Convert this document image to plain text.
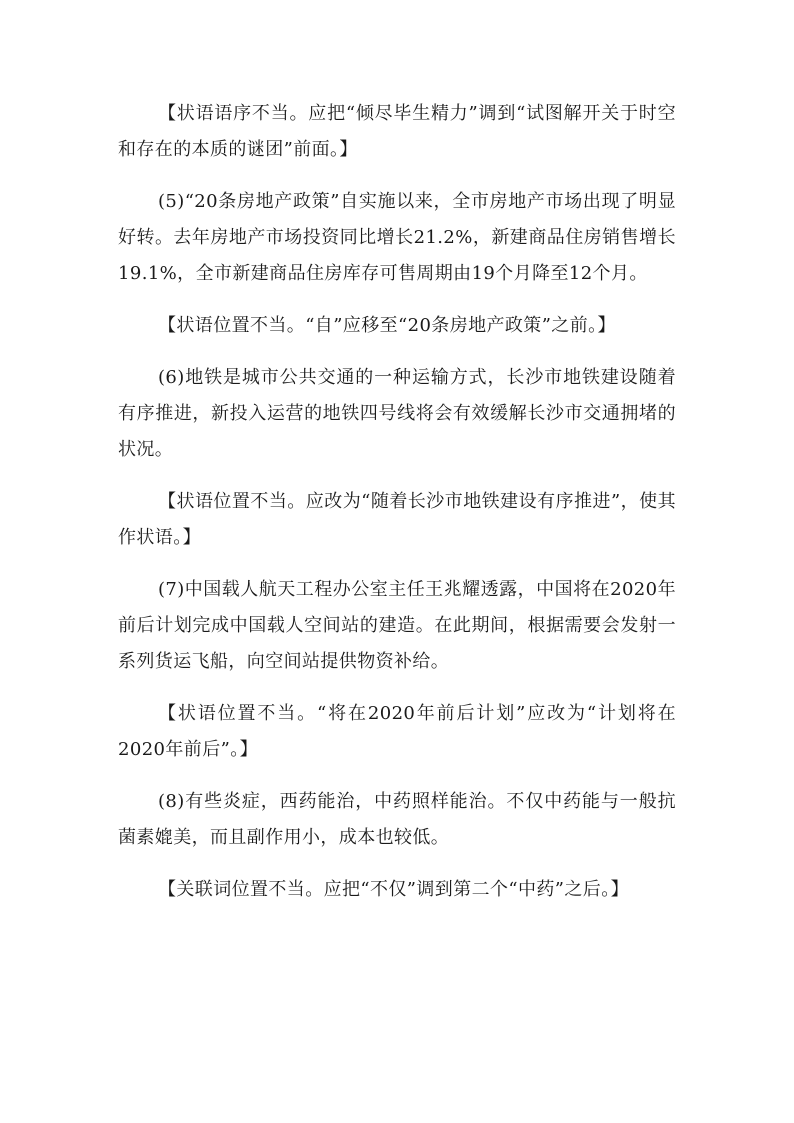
【状语语序不当。应把“倾尽毕生精力”调到“试图解开关于时空和存在的本质的谜团”前面。】

(5)“20条房地产政策”自实施以来，全市房地产市场出现了明显好转。去年房地产市场投资同比增长21.2%，新建商品住房销售增长19.1%，全市新建商品住房库存可售周期由19个月降至12个月。

【状语位置不当。“自”应移至“20条房地产政策”之前。】

(6)地铁是城市公共交通的一种运输方式，长沙市地铁建设随着有序推进，新投入运营的地铁四号线将会有效缓解长沙市交通拥堵的状况。

【状语位置不当。应改为“随着长沙市地铁建设有序推进”，使其作状语。】

(7)中国载人航天工程办公室主任王兆耀透露，中国将在2020年前后计划完成中国载人空间站的建造。在此期间，根据需要会发射一系列货运飞船，向空间站提供物资补给。

【状语位置不当。“将在2020年前后计划”应改为“计划将在2020年前后”。】

(8)有些炎症，西药能治，中药照样能治。不仅中药能与一般抗菌素媲美，而且副作用小，成本也较低。

【关联词位置不当。应把“不仅”调到第二个“中药”之后。】
